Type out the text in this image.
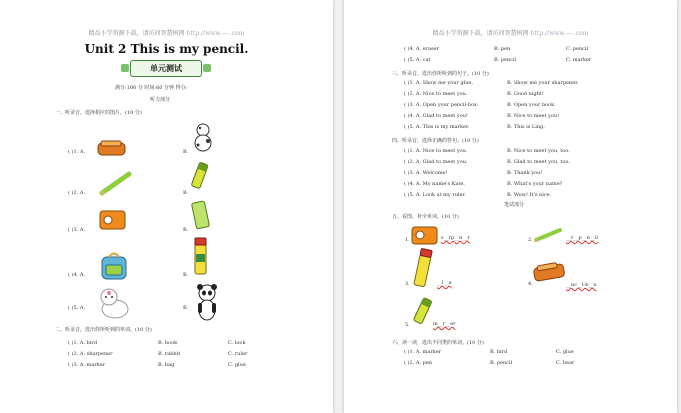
精品小学资源下载，请访问智慧树网 http://www.----.com
Unit 2 This is my pencil.
单元测试
满分:100 分 时间:60 分钟 得分:
听力部分
一、听录音，选择相应的图片。(10 分)
( )1. A.	B.
( )2. A.	B.
( )3. A.	B.
( )4. A.	B.
( )5. A.	B.
二、听录音，选出你所听到的单词。(10 分)
( )1. A. bird	B. book	C. look
( )2. A. sharpener	B. rabbit	C. ruler
( )3. A. marker	B. bag	C. glue
精品小学资源下载，请访问智慧树网 http://www.----.com
( )4. A. eraser	B. pen	C. pencil
( )5. A. cat	B. pencil	C. marker
三、听录音，选出你所听到的句子。(10 分)
( )1. A. Show me your glue.	B. Show me your sharpener.
( )2. A. Nice to meet you.	B. Good night!
( )3. A. Open your pencil-box.	B. Open your book.
( )4. A. Glad to meet you!	B. Nice to meet you!
( )5. A. This is my marker.	B. This is Ling.
四、听录音，选择正确的答句。(10 分)
( )1. A. Nice to meet you.	B. Nice to meet you, too.
( )2. A. Glad to meet you.	B. Glad to meet you, too.
( )3. A. Welcome!	B. Thank you!
( )4. A. My name's Kate.	B. What's your name?
( )5. A. Look at my ruler.	B. Wow! It's nice.
笔试部分
五、看图，补全单词。(10 分)
1.	s__rp__n__r	2.	__r__p__n__il
3.	__l__e	4.	__nc__l-b__x
5.	m__r__er
六、读一读，选出不同类的单词。(10 分)
( )1. A. marker	B. bird	C. glue
( )2. A. pen	B. pencil	C. bear
